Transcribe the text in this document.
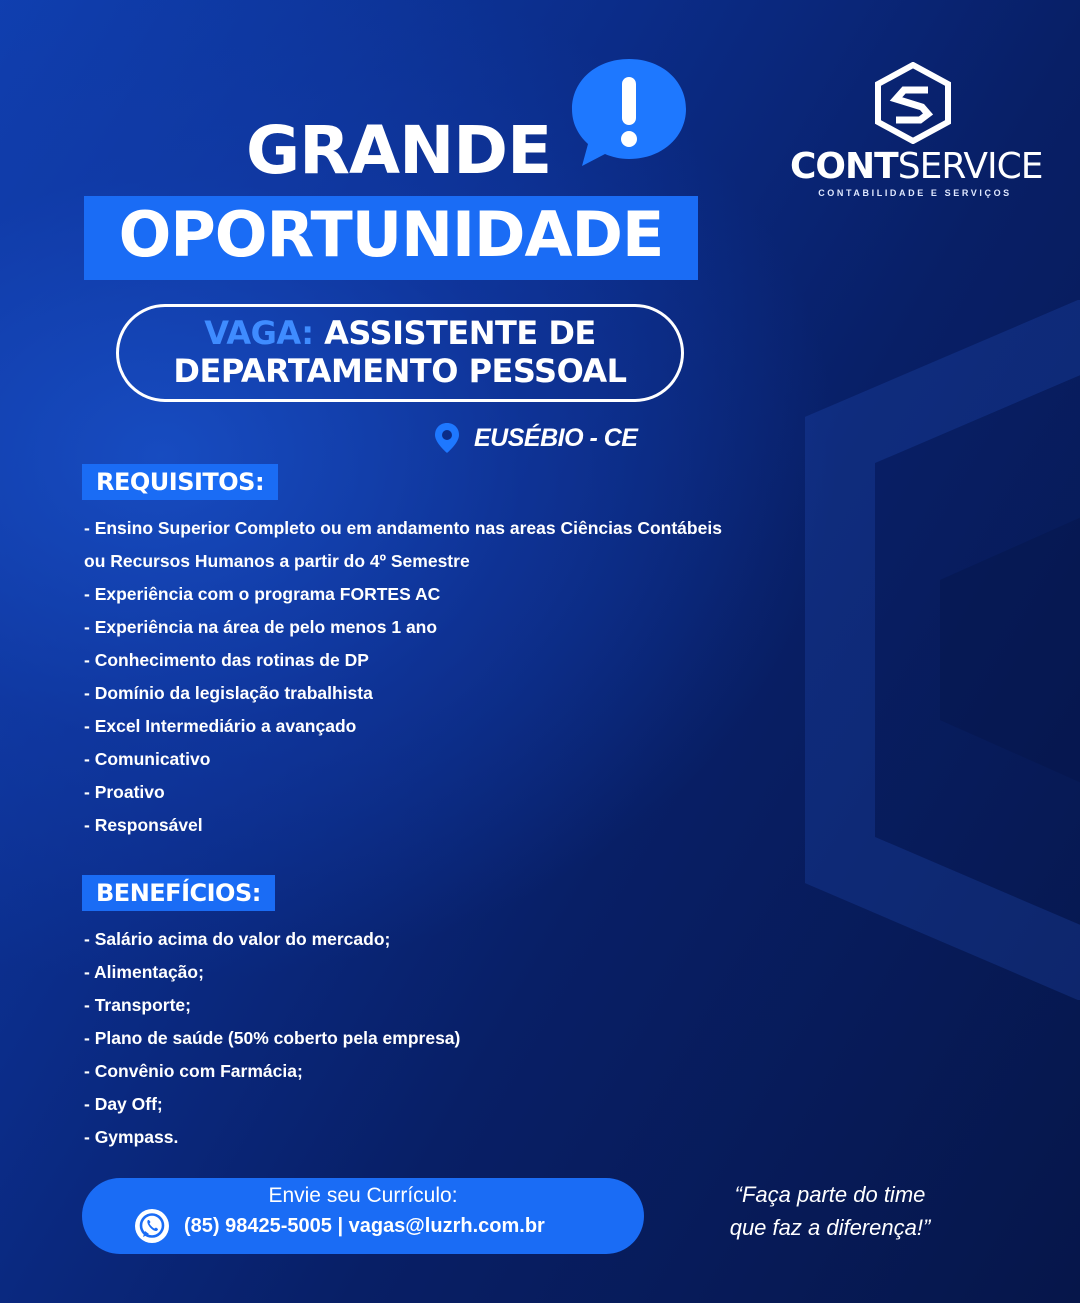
GRANDE
OPORTUNIDADE
CONTSERVICE
CONTABILIDADE E SERVIÇOS
VAGA: ASSISTENTE DE
DEPARTAMENTO PESSOAL
EUSÉBIO - CE
REQUISITOS:
- Ensino Superior Completo ou em andamento nas areas Ciências Contábeis
ou Recursos Humanos a partir do 4º Semestre
- Experiência com o programa FORTES AC
- Experiência na área de pelo menos 1 ano
- Conhecimento das rotinas de DP
- Domínio da legislação trabalhista
- Excel Intermediário a avançado
- Comunicativo
- Proativo
- Responsável
BENEFÍCIOS:
- Salário acima do valor do mercado;
- Alimentação;
- Transporte;
- Plano de saúde (50% coberto pela empresa)
- Convênio com Farmácia;
- Day Off;
- Gympass.
Envie seu Currículo:
(85) 98425-5005 | vagas@luzrh.com.br
“Faça parte do time
que faz a diferença!”
